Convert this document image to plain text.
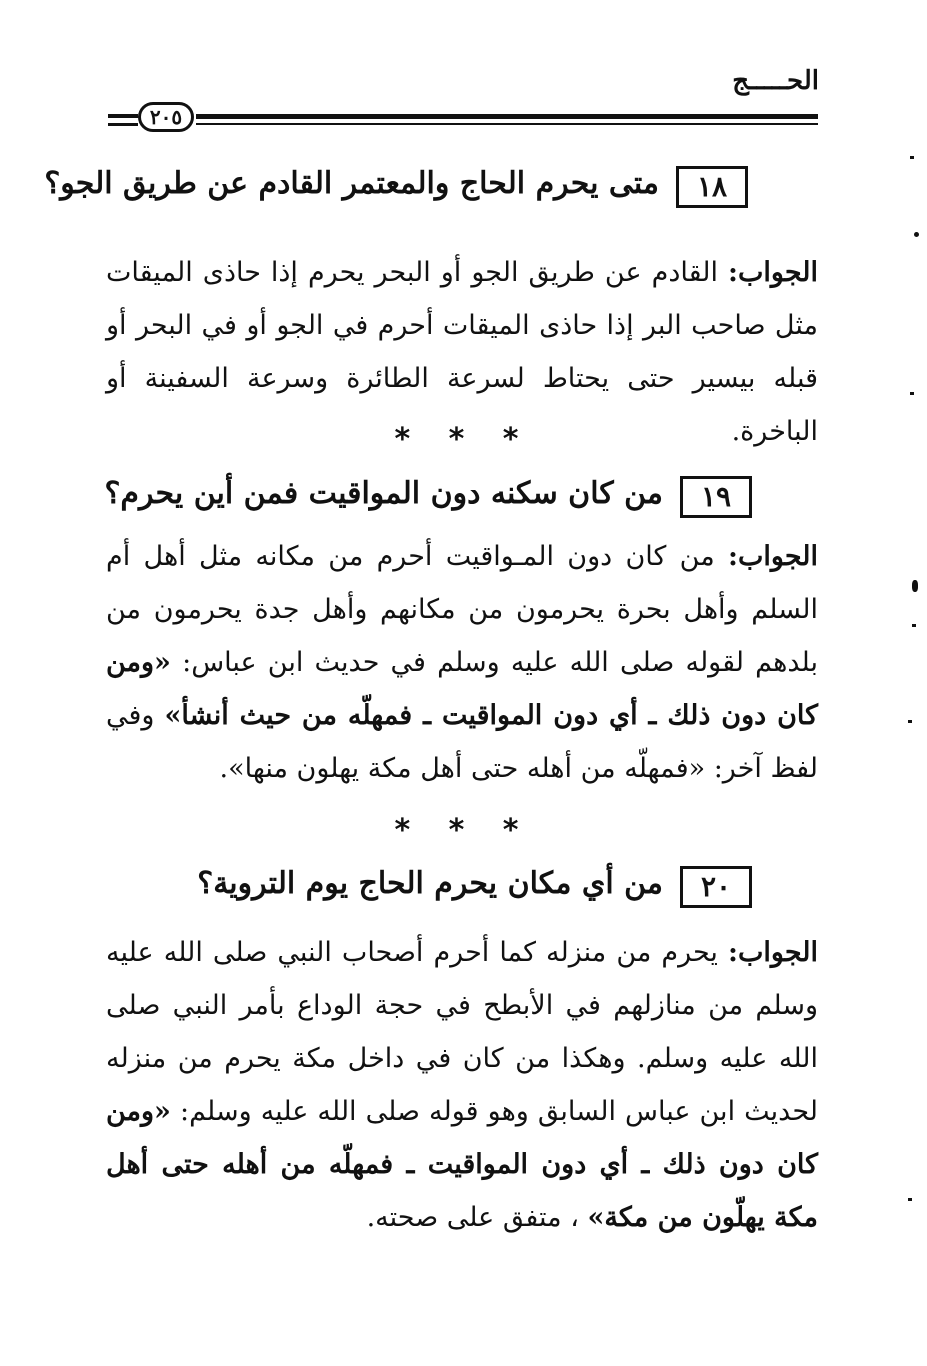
الحـــــج
٢٠٥
١٨
متى يحرم الحاج والمعتمر القادم عن طريق الجو؟

الجواب: القادم عن طريق الجو أو البحر يحرم إذا حاذى الميقات مثل صاحب البر إذا حاذى الميقات أحرم في الجو أو في البحر أو قبله بيسير حتى يحتاط لسرعة الطائرة وسرعة السفينة أو الباخرة.

* * *
١٩
من كان سكنه دون المواقيت فمن أين يحرم؟

الجواب: من كان دون المـواقيت أحرم من مكانه مثل أهل أم السلم وأهل بحرة يحرمون من مكانهم وأهل جدة يحرمون من بلدهم لقوله صلى الله عليه وسلم في حديث ابن عباس: «ومن كان دون ذلك ـ أي دون المواقيت ـ فمهلّه من حيث أنشأ» وفي لفظ آخر: «فمهلّه من أهله حتى أهل مكة يهلون منها».

* * *
٢٠
من أي مكان يحرم الحاج يوم التروية؟

الجواب: يحرم من منزله كما أحرم أصحاب النبي صلى الله عليه وسلم من منازلهم في الأبطح في حجة الوداع بأمر النبي صلى الله عليه وسلم. وهكذا من كان في داخل مكة يحرم من منزله لحديث ابن عباس السابق وهو قوله صلى الله عليه وسلم: «ومن كان دون ذلك ـ أي دون المواقيت ـ فمهلّه من أهله حتى أهل مكة يهلّون من مكة» ، متفق على صحته.
